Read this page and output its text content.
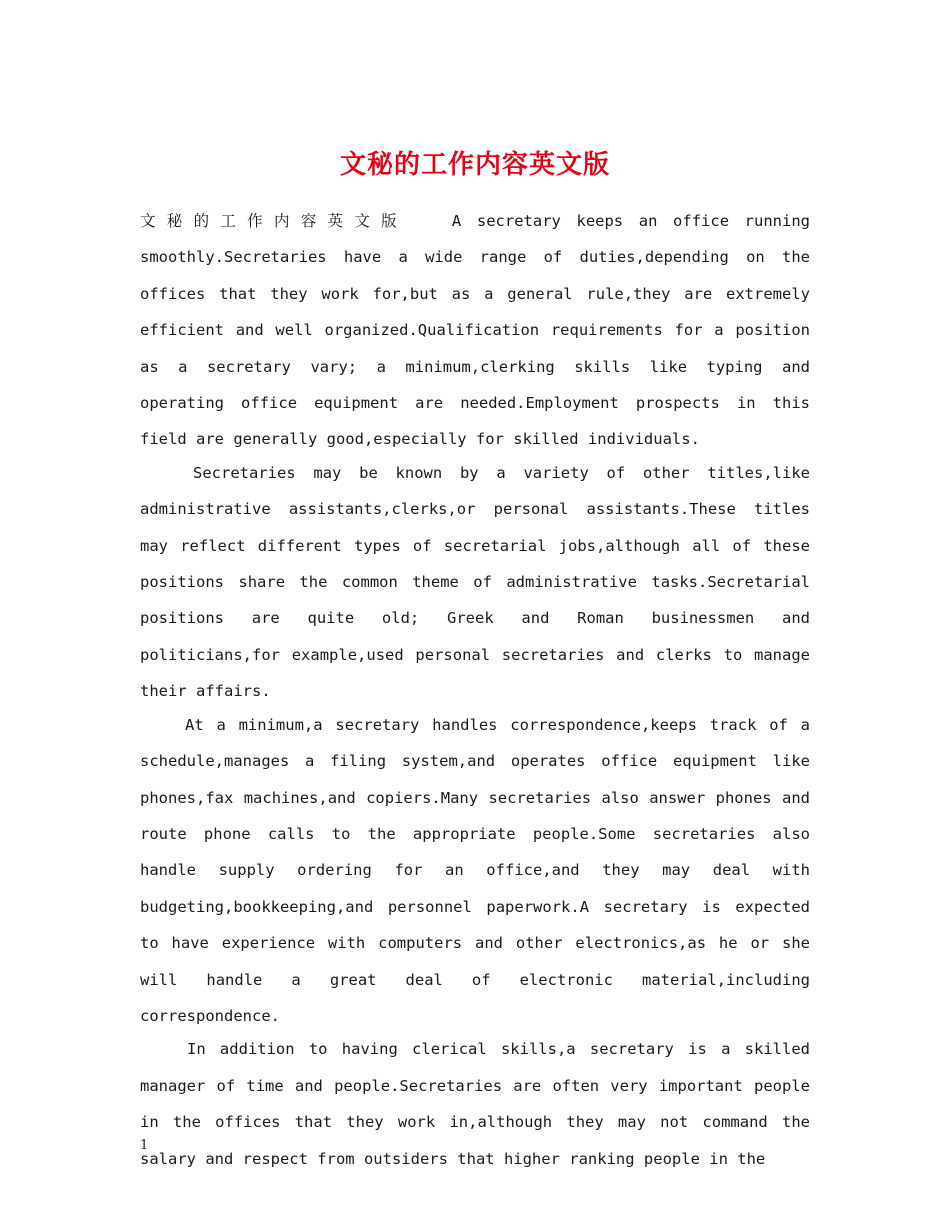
文秘的工作内容英文版

文秘的工作内容英文版	A secretary keeps an office running smoothly.Secretaries have a wide range of duties,depending on the offices that they work for,but as a general rule,they are extremely efficient and well organized.Qualification requirements for a position as a secretary vary; a minimum,clerking skills like typing and operating office equipment are needed.Employment prospects in this field are generally good,especially for skilled individuals.

Secretaries may be known by a variety of other titles,like administrative assistants,clerks,or personal assistants.These titles may reflect different types of secretarial jobs,although all of these positions share the common theme of administrative tasks.Secretarial positions are quite old; Greek and Roman businessmen and politicians,for example,used personal secretaries and clerks to manage their affairs.

At a minimum,a secretary handles correspondence,keeps track of a schedule,manages a filing system,and operates office equipment like phones,fax machines,and copiers.Many secretaries also answer phones and route phone calls to the appropriate people.Some secretaries also handle supply ordering for an office,and they may deal with budgeting,bookkeeping,and personnel paperwork.A secretary is expected to have experience with computers and other electronics,as he or she will handle a great deal of electronic material,including correspondence.

In addition to having clerical skills,a secretary is a skilled manager of time and people.Secretaries are often very important people in the offices that they work in,although they may not command the salary and respect from outsiders that higher ranking people in the

1
